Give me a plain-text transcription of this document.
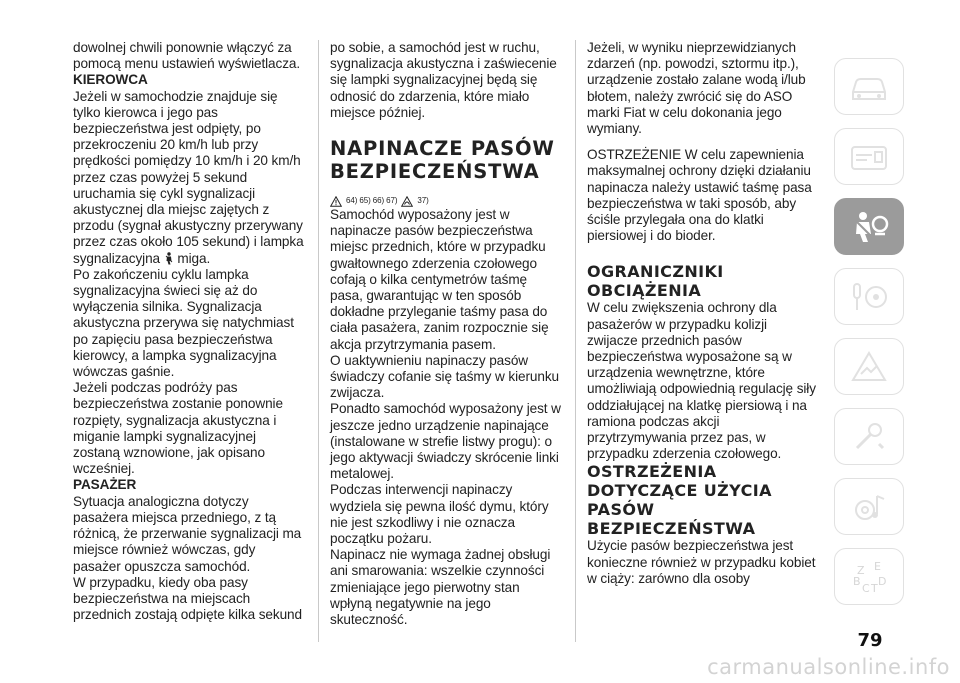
dowolnej chwili ponownie włączyć za pomocą menu ustawień wyświetlacza.

KIEROWCA

Jeżeli w samochodzie znajduje się tylko kierowca i jego pas bezpieczeństwa jest odpięty, po przekroczeniu 20 km/h lub przy prędkości pomiędzy 10 km/h i 20 km/h przez czas powyżej 5 sekund uruchamia się cykl sygnalizacji akustycznej dla miejsc zajętych z przodu (sygnał akustyczny przerywany przez czas około 105 sekund) i lampka sygnalizacyjna miga.

Po zakończeniu cyklu lampka sygnalizacyjna świeci się aż do wyłączenia silnika. Sygnalizacja akustyczna przerywa się natychmiast po zapięciu pasa bezpieczeństwa kierowcy, a lampka sygnalizacyjna wówczas gaśnie.

Jeżeli podczas podróży pas bezpieczeństwa zostanie ponownie rozpięty, sygnalizacja akustyczna i miganie lampki sygnalizacyjnej zostaną wznowione, jak opisano wcześniej.

PASAŻER

Sytuacja analogiczna dotyczy pasażera miejsca przedniego, z tą różnicą, że przerwanie sygnalizacji ma miejsce również wówczas, gdy pasażer opuszcza samochód.

W przypadku, kiedy oba pasy bezpieczeństwa na miejscach przednich zostają odpięte kilka sekund

po sobie, a samochód jest w ruchu, sygnalizacja akustyczna i zaświecenie się lampki sygnalizacyjnej będą się odnosić do zdarzenia, które miało miejsce później.

NAPINACZE PASÓW BEZPIECZEŃSTWA

64) 65) 66) 67)	37)

Samochód wyposażony jest w napinacze pasów bezpieczeństwa miejsc przednich, które w przypadku gwałtownego zderzenia czołowego cofają o kilka centymetrów taśmę pasa, gwarantując w ten sposób dokładne przyleganie taśmy pasa do ciała pasażera, zanim rozpocznie się akcja przytrzymania pasem.

O uaktywnieniu napinaczy pasów świadczy cofanie się taśmy w kierunku zwijacza.

Ponadto samochód wyposażony jest w jeszcze jedno urządzenie napinające (instalowane w strefie listwy progu): o jego aktywacji świadczy skrócenie linki metalowej.

Podczas interwencji napinaczy wydziela się pewna ilość dymu, który nie jest szkodliwy i nie oznacza początku pożaru.

Napinacz nie wymaga żadnej obsługi ani smarowania: wszelkie czynności zmieniające jego pierwotny stan wpłyną negatywnie na jego skuteczność.

Jeżeli, w wyniku nieprzewidzianych zdarzeń (np. powodzi, sztormu itp.), urządzenie zostało zalane wodą i/lub błotem, należy zwrócić się do ASO marki Fiat w celu dokonania jego wymiany.

OSTRZEŻENIE W celu zapewnienia maksymalnej ochrony dzięki działaniu napinacza należy ustawić taśmę pasa bezpieczeństwa w taki sposób, aby ściśle przylegała ona do klatki piersiowej i do bioder.

OGRANICZNIKI OBCIĄŻENIA

W celu zwiększenia ochrony dla pasażerów w przypadku kolizji zwijacze przednich pasów bezpieczeństwa wyposażone są w urządzenia wewnętrzne, które umożliwiają odpowiednią regulację siły oddziałującej na klatkę piersiową i na ramiona podczas akcji przytrzymywania przez pas, w przypadku zderzenia czołowego.

OSTRZEŻENIA DOTYCZĄCE UŻYCIA PASÓW BEZPIECZEŃSTWA

Użycie pasów bezpieczeństwa jest konieczne również w przypadku kobiet w ciąży: zarówno dla osoby

Z E
B
C T
D
79
carmanualsonline.info
